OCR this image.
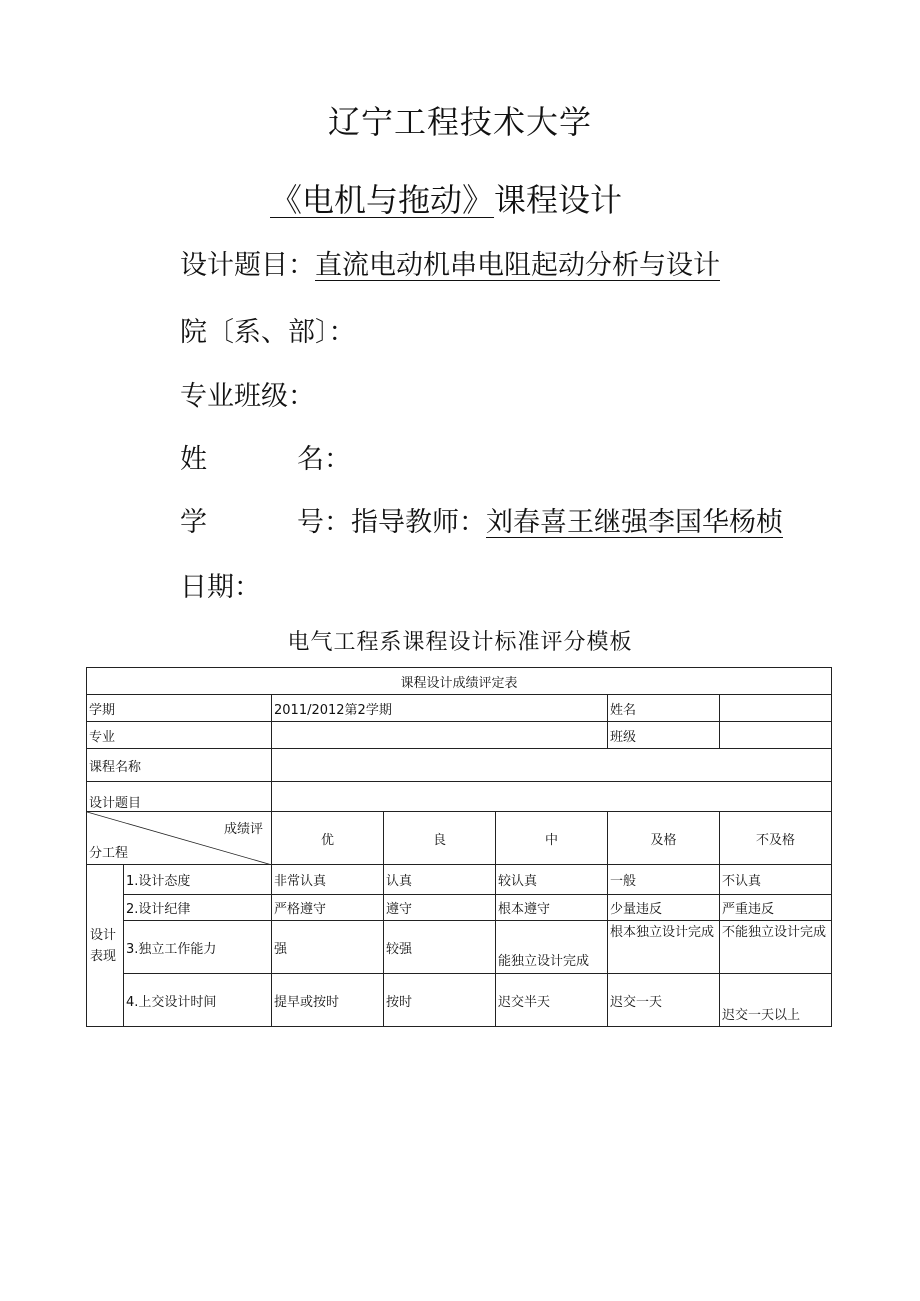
辽宁工程技术大学
《电机与拖动》课程设计
设计题目：直流电动机串电阻起动分析与设计
院〔系、部〕：
专业班级：
姓	名：
学	号：指导教师：刘春喜王继强李国华杨桢
日期：
电气工程系课程设计标准评分模板
课程设计成绩评定表						
学期		2011/2012第2学期			姓名	
专业					班级	
课程名称						
设计题目						

成绩评
分工程		优	良	中	及格	不及格
设计表现	1.设计态度	非常认真	认真	较认真	一般	不认真
	2.设计纪律	严格遵守	遵守	根本遵守	少量违反	严重违反
	3.独立工作能力	强	较强	能独立设计完成	根本独立设计完成	不能独立设计完成
	4.上交设计时间	提早或按时	按时	迟交半天	迟交一天	迟交一天以上
